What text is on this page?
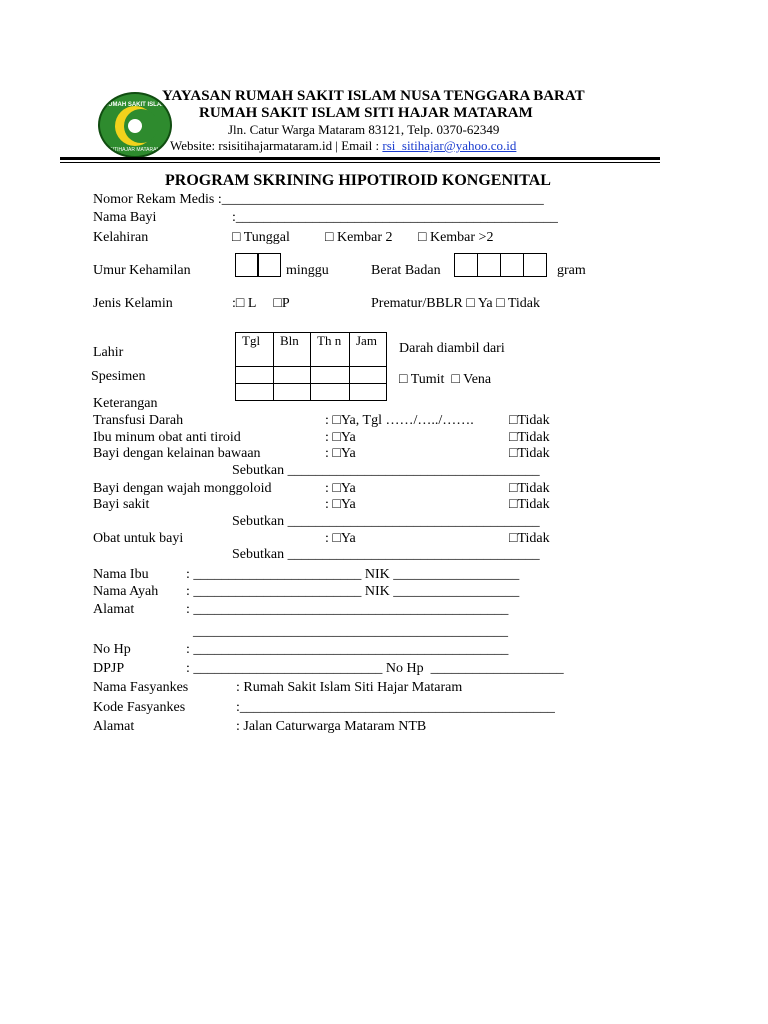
RUMAH SAKIT ISLAM
SITIHAJAR MATARAM
YAYASAN RUMAH SAKIT ISLAM NUSA TENGGARA BARAT
RUMAH SAKIT ISLAM SITI HAJAR MATARAM
Jln. Catur Warga Mataram 83121, Telp. 0370-62349
Website: rsisitihajarmataram.id | Email : rsi_sitihajar@yahoo.co.id
PROGRAM SKRINING HIPOTIROID KONGENITAL
Nomor Rekam Medis :______________________________________________
Nama Bayi	:______________________________________________
Kelahiran	□ Tunggal	□ Kembar 2 □ Kembar >2
Umur Kehamilan	minggu	Berat Badan	gram
Jenis Kelamin	:□ L     □P	Prematur/BBLR □ Ya □ Tidak
Lahir
Spesimen
Tgl	Bln	Th n	Jam

Darah diambil dari
□ Tumit  □ Vena
Keterangan
Transfusi Darah	: □Ya, Tgl ……/…../…….	□Tidak
Ibu minum obat anti tiroid	: □Ya	□Tidak
Bayi dengan kelainan bawaan	: □Ya	□Tidak
Sebutkan ____________________________________
Bayi dengan wajah monggoloid	: □Ya	□Tidak
Bayi sakit	: □Ya	□Tidak
Sebutkan ____________________________________
Obat untuk bayi	: □Ya	□Tidak
Sebutkan ____________________________________
Nama Ibu	: ________________________ NIK __________________
Nama Ayah : ________________________ NIK __________________
Alamat	: _____________________________________________
_____________________________________________
No Hp	: _____________________________________________
DPJP	: ___________________________ No Hp  ___________________
Nama Fasyankes	: Rumah Sakit Islam Siti Hajar Mataram
Kode Fasyankes	:_____________________________________________
Alamat	: Jalan Caturwarga Mataram NTB
